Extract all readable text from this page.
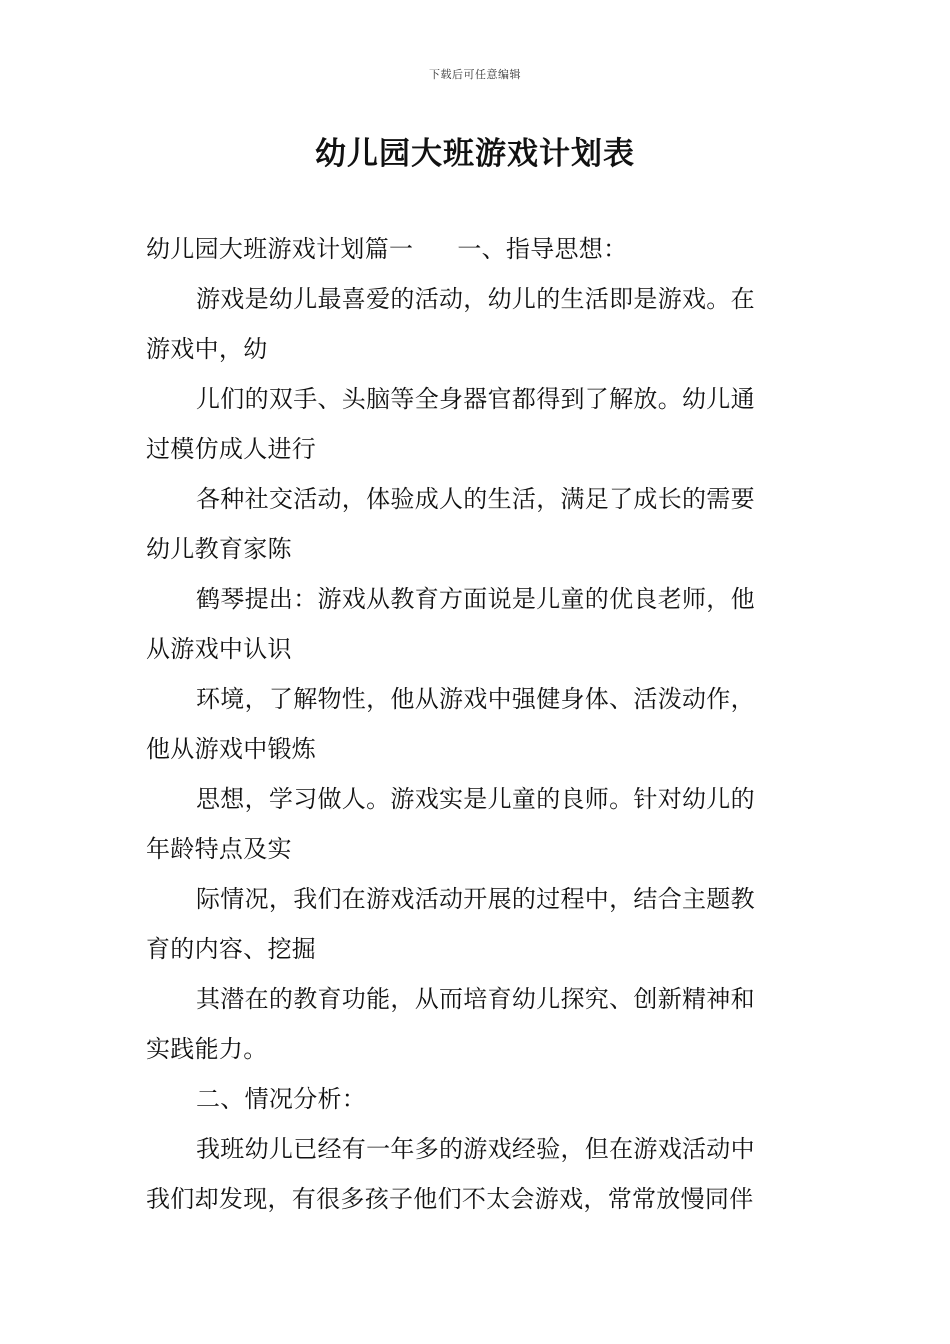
下载后可任意编辑
幼儿园大班游戏计划表
幼儿园大班游戏计划篇一 一、指导思想：
游戏是幼儿最喜爱的活动，幼儿的生活即是游戏。在
游戏中，幼
儿们的双手、头脑等全身器官都得到了解放。幼儿通
过模仿成人进行
各种社交活动，体验成人的生活，满足了成长的需要
幼儿教育家陈
鹤琴提出：游戏从教育方面说是儿童的优良老师，他
从游戏中认识
环境，了解物性，他从游戏中强健身体、活泼动作，
他从游戏中锻炼
思想，学习做人。游戏实是儿童的良师。针对幼儿的
年龄特点及实
际情况，我们在游戏活动开展的过程中，结合主题教
育的内容、挖掘
其潜在的教育功能，从而培育幼儿探究、创新精神和
实践能力。
二、情况分析：
我班幼儿已经有一年多的游戏经验，但在游戏活动中
我们却发现，有很多孩子他们不太会游戏，常常放慢同伴
